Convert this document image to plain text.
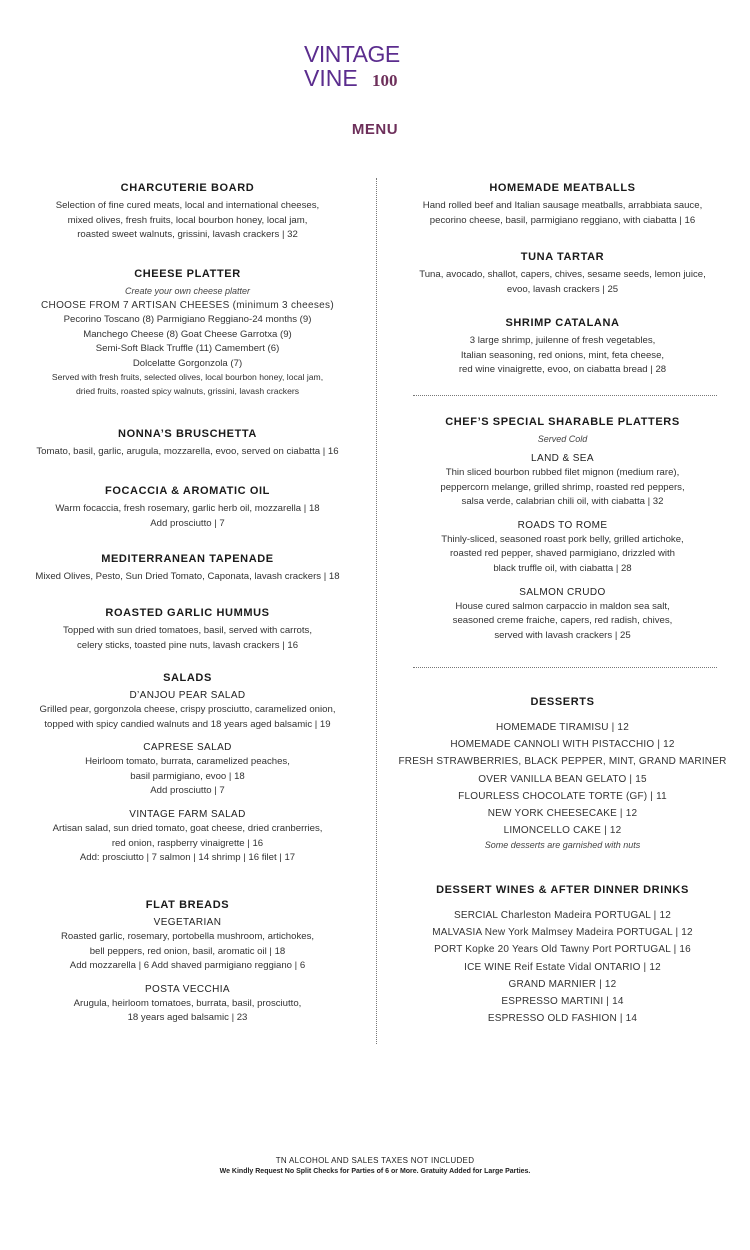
VINTAGE
VINE 100
MENU
CHARCUTERIE BOARD
Selection of fine cured meats, local and international cheeses,
mixed olives, fresh fruits, local bourbon honey, local jam,
roasted sweet walnuts, grissini, lavash crackers | 32
CHEESE PLATTER
Create your own cheese platter
CHOOSE FROM 7 ARTISAN CHEESES (minimum 3 cheeses)
Pecorino Toscano (8) Parmigiano Reggiano-24 months (9)
Manchego Cheese (8) Goat Cheese Garrotxa (9)
Semi-Soft Black Truffle (11) Camembert (6)
Dolcelatte Gorgonzola (7)
Served with fresh fruits, selected olives, local bourbon honey, local jam,
dried fruits, roasted spicy walnuts, grissini, lavash crackers
NONNA’S BRUSCHETTA
Tomato, basil, garlic, arugula, mozzarella, evoo, served on ciabatta | 16
FOCACCIA & AROMATIC OIL
Warm focaccia, fresh rosemary, garlic herb oil, mozzarella | 18
Add prosciutto | 7
MEDITERRANEAN TAPENADE
Mixed Olives, Pesto, Sun Dried Tomato, Caponata, lavash crackers | 18
ROASTED GARLIC HUMMUS
Topped with sun dried tomatoes, basil, served with carrots,
celery sticks, toasted pine nuts, lavash crackers | 16
SALADS
D’ANJOU PEAR SALAD
Grilled pear, gorgonzola cheese, crispy prosciutto, caramelized onion,
topped with spicy candied walnuts and 18 years aged balsamic | 19
CAPRESE SALAD
Heirloom tomato, burrata, caramelized peaches,
basil parmigiano, evoo | 18
Add prosciutto | 7
VINTAGE FARM SALAD
Artisan salad, sun dried tomato, goat cheese, dried cranberries,
red onion, raspberry vinaigrette | 16
Add: prosciutto | 7 salmon | 14 shrimp | 16 filet | 17
FLAT BREADS
VEGETARIAN
Roasted garlic, rosemary, portobella mushroom, artichokes,
bell peppers, red onion, basil, aromatic oil | 18
Add mozzarella | 6 Add shaved parmigiano reggiano | 6
POSTA VECCHIA
Arugula, heirloom tomatoes, burrata, basil, prosciutto,
18 years aged balsamic | 23
HOMEMADE MEATBALLS
Hand rolled beef and Italian sausage meatballs, arrabbiata sauce,
pecorino cheese, basil, parmigiano reggiano, with ciabatta | 16
TUNA TARTAR
Tuna, avocado, shallot, capers, chives, sesame seeds, lemon juice,
evoo, lavash crackers | 25
SHRIMP CATALANA
3 large shrimp, juilenne of fresh vegetables,
Italian seasoning, red onions, mint, feta cheese,
red wine vinaigrette, evoo, on ciabatta bread | 28
CHEF’S SPECIAL SHARABLE PLATTERS
Served Cold
LAND & SEA
Thin sliced bourbon rubbed filet mignon (medium rare),
peppercorn melange, grilled shrimp, roasted red peppers,
salsa verde, calabrian chili oil, with ciabatta | 32
ROADS TO ROME
Thinly-sliced, seasoned roast pork belly, grilled artichoke,
roasted red pepper, shaved parmigiano, drizzled with
black truffle oil, with ciabatta | 28
SALMON CRUDO
House cured salmon carpaccio in maldon sea salt,
seasoned creme fraiche, capers, red radish, chives,
served with lavash crackers | 25
DESSERTS
HOMEMADE TIRAMISU | 12
HOMEMADE CANNOLI WITH PISTACCHIO | 12
FRESH STRAWBERRIES, BLACK PEPPER, MINT, GRAND MARINER
OVER VANILLA BEAN GELATO | 15
FLOURLESS CHOCOLATE TORTE (GF) | 11
NEW YORK CHEESECAKE | 12
LIMONCELLO CAKE | 12
Some desserts are garnished with nuts
DESSERT WINES & AFTER DINNER DRINKS
SERCIAL Charleston Madeira PORTUGAL | 12
MALVASIA New York Malmsey Madeira PORTUGAL | 12
PORT Kopke 20 Years Old Tawny Port PORTUGAL | 16
ICE WINE Reif Estate Vidal ONTARIO | 12
GRAND MARNIER | 12
ESPRESSO MARTINI | 14
ESPRESSO OLD FASHION | 14
TN ALCOHOL AND SALES TAXES NOT INCLUDED
We Kindly Request No Split Checks for Parties of 6 or More. Gratuity Added for Large Parties.
